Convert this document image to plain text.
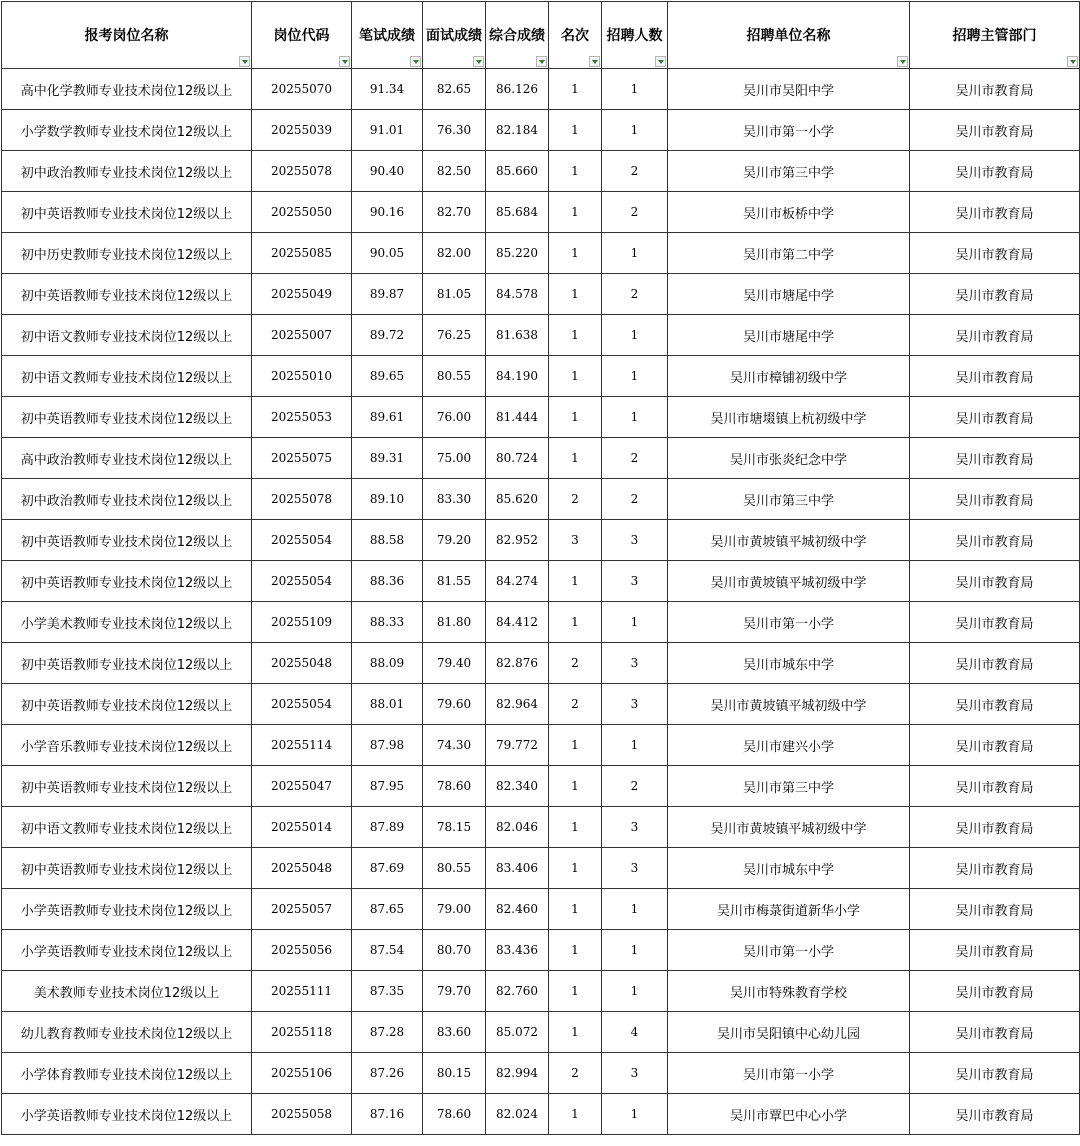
报考岗位名称	岗位代码	笔试成绩	面试成绩	综合成绩	名次	招聘人数	招聘单位名称	招聘主管部门

高中化学教师专业技术岗位12级以上	20255070	91.34	82.65	86.126	1	1	吴川市吴阳中学	吴川市教育局
小学数学教师专业技术岗位12级以上	20255039	91.01	76.30	82.184	1	1	吴川市第一小学	吴川市教育局
初中政治教师专业技术岗位12级以上	20255078	90.40	82.50	85.660	1	2	吴川市第三中学	吴川市教育局
初中英语教师专业技术岗位12级以上	20255050	90.16	82.70	85.684	1	2	吴川市板桥中学	吴川市教育局
初中历史教师专业技术岗位12级以上	20255085	90.05	82.00	85.220	1	1	吴川市第二中学	吴川市教育局
初中英语教师专业技术岗位12级以上	20255049	89.87	81.05	84.578	1	2	吴川市塘尾中学	吴川市教育局
初中语文教师专业技术岗位12级以上	20255007	89.72	76.25	81.638	1	1	吴川市塘尾中学	吴川市教育局
初中语文教师专业技术岗位12级以上	20255010	89.65	80.55	84.190	1	1	吴川市樟铺初级中学	吴川市教育局
初中英语教师专业技术岗位12级以上	20255053	89.61	76.00	81.444	1	1	吴川市塘㙍镇上杭初级中学	吴川市教育局
高中政治教师专业技术岗位12级以上	20255075	89.31	75.00	80.724	1	2	吴川市张炎纪念中学	吴川市教育局
初中政治教师专业技术岗位12级以上	20255078	89.10	83.30	85.620	2	2	吴川市第三中学	吴川市教育局
初中英语教师专业技术岗位12级以上	20255054	88.58	79.20	82.952	3	3	吴川市黄坡镇平城初级中学	吴川市教育局
初中英语教师专业技术岗位12级以上	20255054	88.36	81.55	84.274	1	3	吴川市黄坡镇平城初级中学	吴川市教育局
小学美术教师专业技术岗位12级以上	20255109	88.33	81.80	84.412	1	1	吴川市第一小学	吴川市教育局
初中英语教师专业技术岗位12级以上	20255048	88.09	79.40	82.876	2	3	吴川市城东中学	吴川市教育局
初中英语教师专业技术岗位12级以上	20255054	88.01	79.60	82.964	2	3	吴川市黄坡镇平城初级中学	吴川市教育局
小学音乐教师专业技术岗位12级以上	20255114	87.98	74.30	79.772	1	1	吴川市建兴小学	吴川市教育局
初中英语教师专业技术岗位12级以上	20255047	87.95	78.60	82.340	1	2	吴川市第三中学	吴川市教育局
初中语文教师专业技术岗位12级以上	20255014	87.89	78.15	82.046	1	3	吴川市黄坡镇平城初级中学	吴川市教育局
初中英语教师专业技术岗位12级以上	20255048	87.69	80.55	83.406	1	3	吴川市城东中学	吴川市教育局
小学英语教师专业技术岗位12级以上	20255057	87.65	79.00	82.460	1	1	吴川市梅菉街道新华小学	吴川市教育局
小学英语教师专业技术岗位12级以上	20255056	87.54	80.70	83.436	1	1	吴川市第一小学	吴川市教育局
美术教师专业技术岗位12级以上	20255111	87.35	79.70	82.760	1	1	吴川市特殊教育学校	吴川市教育局
幼儿教育教师专业技术岗位12级以上	20255118	87.28	83.60	85.072	1	4	吴川市吴阳镇中心幼儿园	吴川市教育局
小学体育教师专业技术岗位12级以上	20255106	87.26	80.15	82.994	2	3	吴川市第一小学	吴川市教育局
小学英语教师专业技术岗位12级以上	20255058	87.16	78.60	82.024	1	1	吴川市覃巴中心小学	吴川市教育局
